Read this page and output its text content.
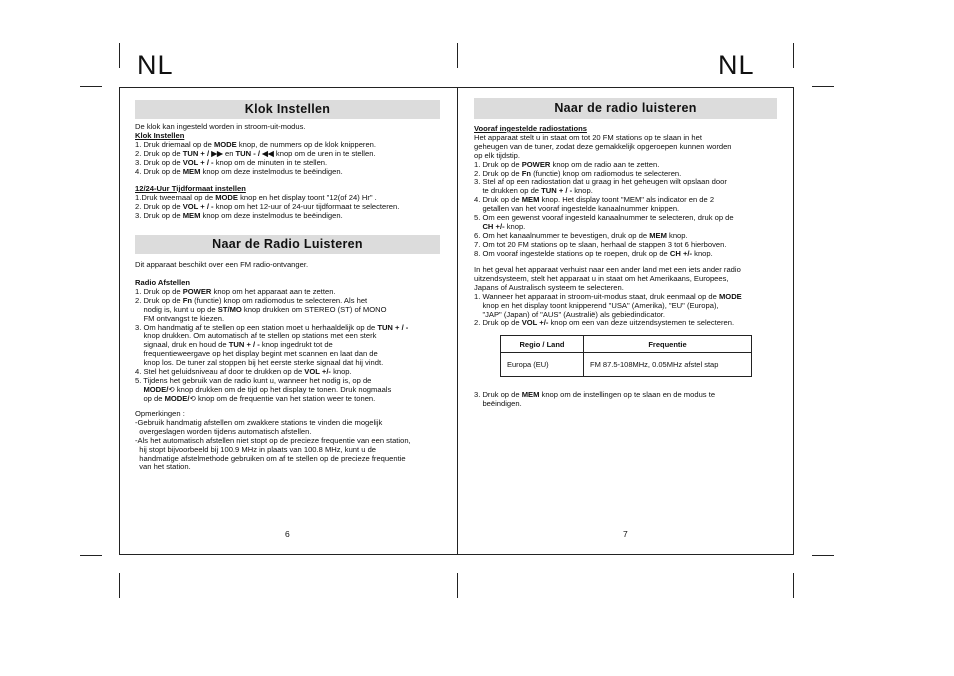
NL	NL
Klok Instellen
De klok kan ingesteld worden in stroom-uit-modus.
Klok Instellen
1. Druk driemaal op de MODE knop, de nummers op de klok knipperen.
2. Druk op de TUN + / ▶▶ en TUN - / ◀◀ knop om de uren in te stellen.
3. Druk op de VOL + / - knop om de minuten in te stellen.
4. Druk op de MEM knop om deze instelmodus te beëindigen.

12/24-Uur Tijdformaat instellen
1.Druk tweemaal op de MODE knop en het display toont "12(of 24) Hr" .
2. Druk op de VOL + / - knop om het 12-uur of 24-uur tijdformaat te selecteren.
3. Druk op de MEM knop om deze instelmodus te beëindigen.

Naar de Radio Luisteren
Dit apparaat beschikt over een FM radio-ontvanger.
Radio Afstellen
1. Druk op de POWER knop om het apparaat aan te zetten.
2. Druk op de Fn (functie) knop om radiomodus te selecteren. Als het
nodig is, kunt u op de ST/MO knop drukken om STEREO (ST) of MONO
FM ontvangst te kiezen.
3. Om handmatig af te stellen op een station moet u herhaaldelijk op de TUN + / -
knop drukken. Om automatisch af te stellen op stations met een sterk
signaal, druk en houd de TUN + / - knop ingedrukt tot de
frequentieweergave op het display begint met scannen en laat dan de
knop los. De tuner zal stoppen bij het eerste sterke signaal dat hij vindt.
4. Stel het geluidsniveau af door te drukken op de VOL +/- knop.
5. Tijdens het gebruik van de radio kunt u, wanneer het nodig is, op de
MODE/⟲ knop drukken om de tijd op het display te tonen. Druk nogmaals
op de MODE/⟲ knop om de frequentie van het station weer te tonen.

Opmerkingen :
-Gebruik handmatig afstellen om zwakkere stations te vinden die mogelijk
overgeslagen worden tijdens automatisch afstellen.
-Als het automatisch afstellen niet stopt op de precieze frequentie van een station,
hij stopt bijvoorbeeld bij 100.9 MHz in plaats van 100.8 MHz, kunt u de
handmatige afstelmethode gebruiken om af te stellen op de precieze frequentie
van het station.

6
Naar de radio luisteren
Vooraf ingestelde radiostations
Het apparaat stelt u in staat om tot 20 FM stations op te slaan in het
geheugen van de tuner, zodat deze gemakkelijk opgeroepen kunnen worden
op elk tijdstip.
1. Druk op de POWER knop om de radio aan te zetten.
2. Druk op de Fn (functie) knop om radiomodus te selecteren.
3. Stel af op een radiostation dat u graag in het geheugen wilt opslaan door
te drukken op de TUN + / - knop.
4. Druk op de MEM knop. Het display toont "MEM" als indicator en de 2
getallen van het vooraf ingestelde kanaalnummer knippen.
5. Om een gewenst vooraf ingesteld kanaalnummer te selecteren, druk op de
CH +/- knop.
6. Om het kanaalnummer te bevestigen, druk op de MEM knop.
7. Om tot 20 FM stations op te slaan, herhaal de stappen 3 tot 6 hierboven.
8. Om vooraf ingestelde stations op te roepen, druk op de CH +/- knop.

In het geval het apparaat verhuist naar een ander land met een iets ander radio
uitzendsysteem, stelt het apparaat u in staat om het Amerikaans, Europees,
Japans of Australisch systeem te selecteren.
1. Wanneer het apparaat in stroom-uit-modus staat, druk eenmaal op de MODE
knop en het display toont knipperend "USA" (Amerika), "EU" (Europa),
"JAP" (Japan) of "AUS" (Australië) als gebiedindicator.
2. Druk op de VOL +/- knop om een van deze uitzendsystemen te selecteren.

Regio / Land	Frequentie
Europa (EU)	FM 87.5-108MHz, 0.05MHz afstel stap
3. Druk op de MEM knop om de instellingen op te slaan en de modus te
beëindigen.

7
